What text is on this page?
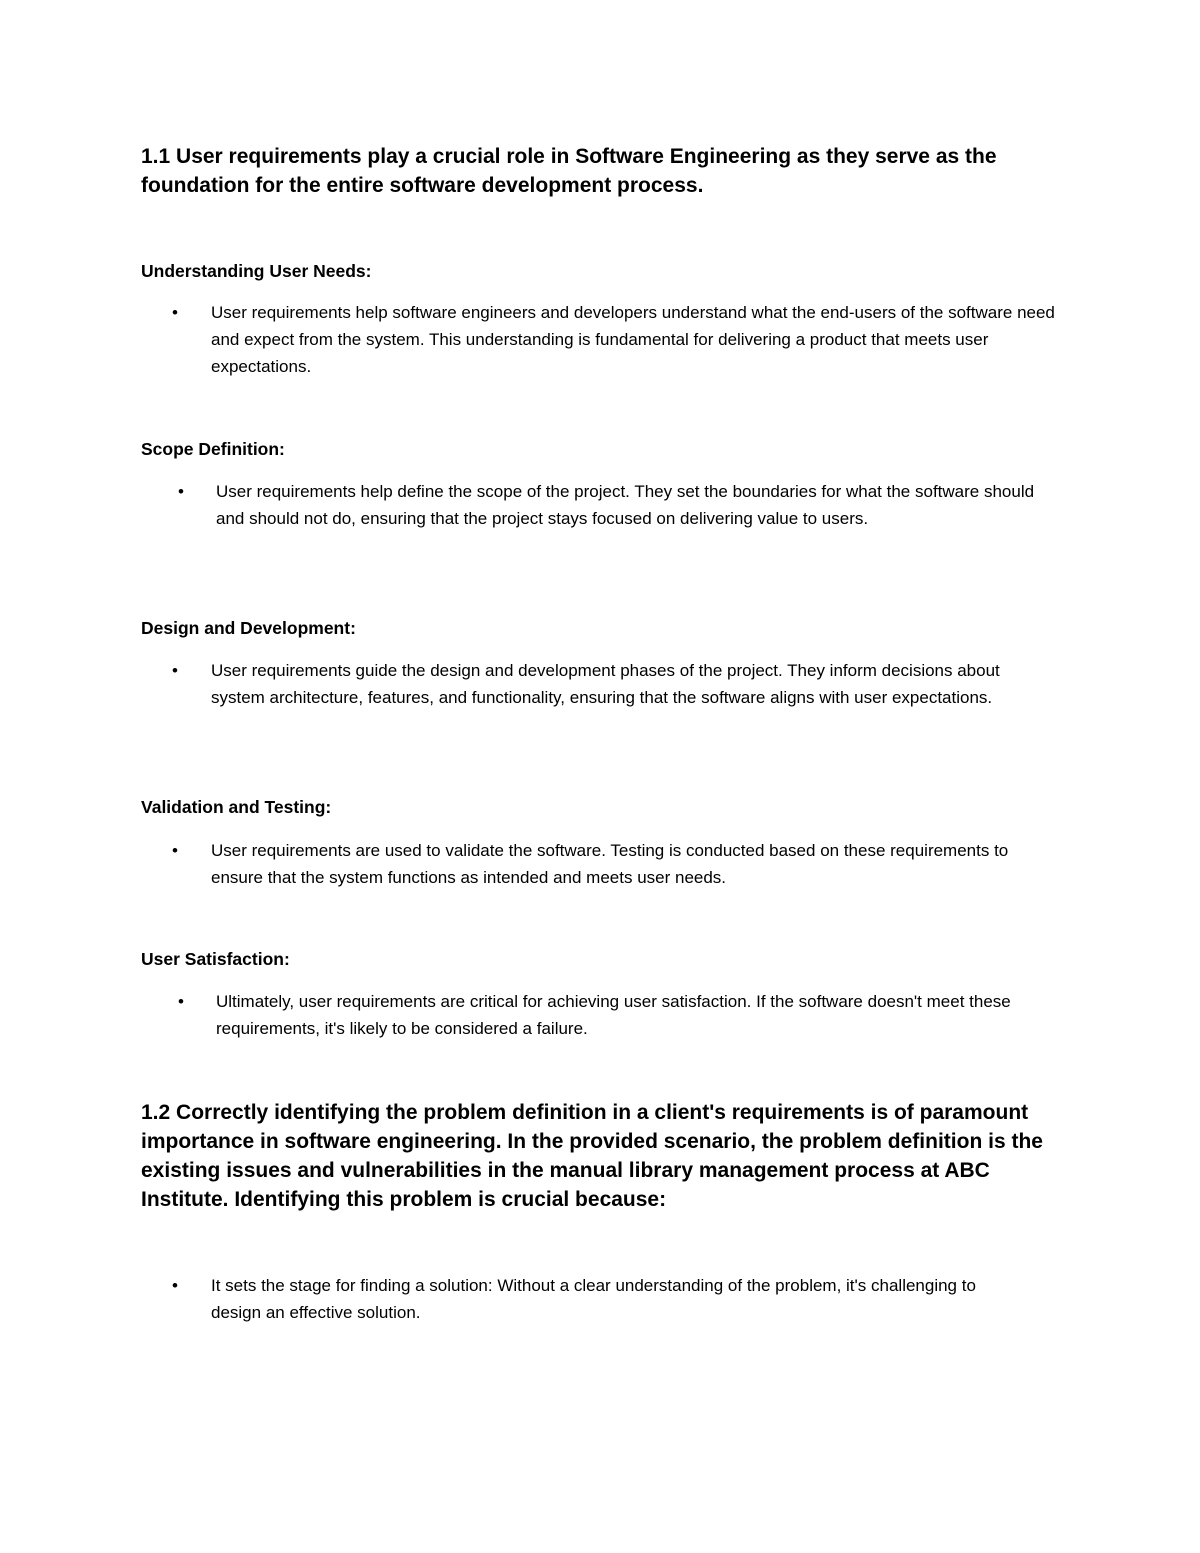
1.1 User requirements play a crucial role in Software Engineering as they serve as the

foundation for the entire software development process.

Understanding User Needs:

•	User requirements help software engineers and developers understand what the end-users of the software need and expect from the system. This understanding is fundamental for delivering a product that meets user expectations.

Scope Definition:

•	User requirements help define the scope of the project. They set the boundaries for what the software should and should not do, ensuring that the project stays focused on delivering value to users.

Design and Development:

•	User requirements guide the design and development phases of the project. They inform decisions about system architecture, features, and functionality, ensuring that the software aligns with user expectations.

Validation and Testing:

•	User requirements are used to validate the software. Testing is conducted based on these requirements to ensure that the system functions as intended and meets user needs.

User Satisfaction:

•	Ultimately, user requirements are critical for achieving user satisfaction. If the software doesn't meet these requirements, it's likely to be considered a failure.

1.2 Correctly identifying the problem definition in a client's requirements is of paramount importance in software engineering. In the provided scenario, the problem definition is the existing issues and vulnerabilities in the manual library management process at ABC Institute. Identifying this problem is crucial because:

•	It sets the stage for finding a solution: Without a clear understanding of the problem, it's challenging to design an effective solution.
